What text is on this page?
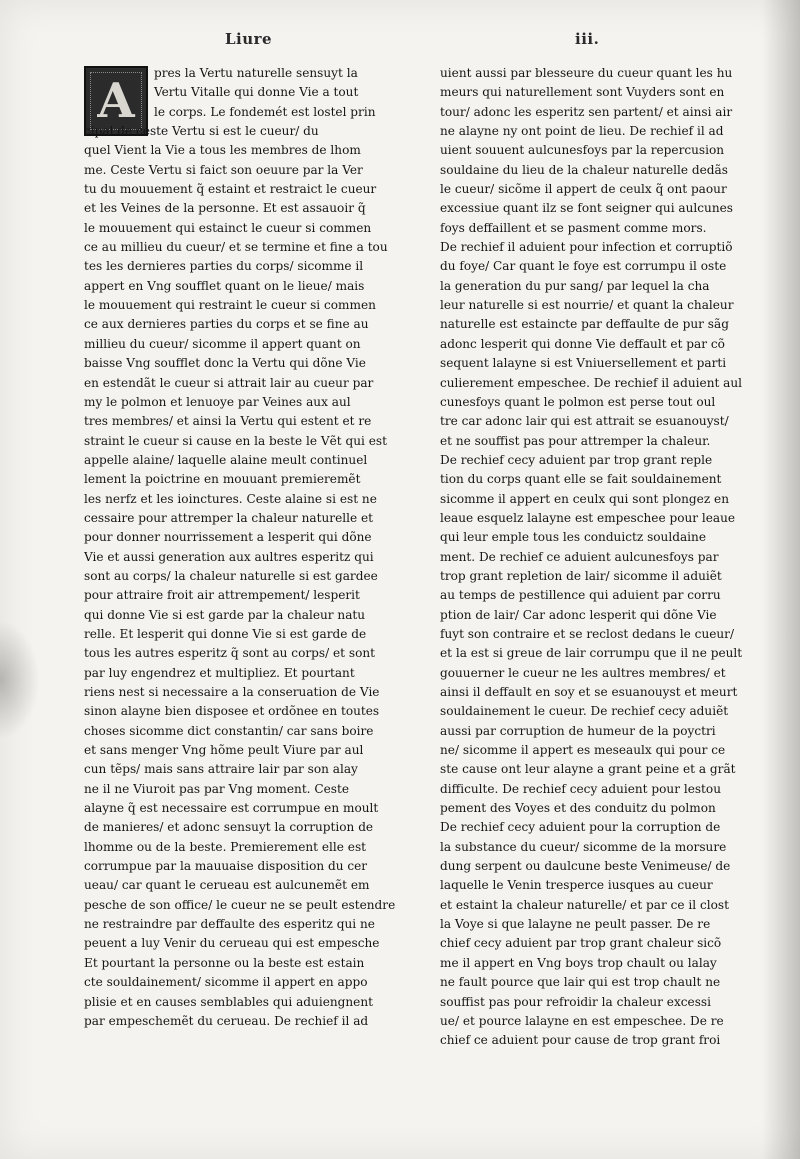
Liure	iii.
A	pres la Vertu naturelle sensuyt la
Vertu Vitalle qui donne Vie a tout
le corps. Le fondemét est lostel prin
cipal de ceste Vertu si est le cueur/ du
quel Vient la Vie a tous les membres de lhom
me. Ceste Vertu si faict son oeuure par la Ver
tu du mouuement q̃ estaint et restraict le cueur
et les Veines de la personne. Et est assauoir q̃
le mouuement qui estainct le cueur si commen
ce au millieu du cueur/ et se termine et fine a tou
tes les dernieres parties du corps/ sicomme il
appert en Vng soufflet quant on le lieue/ mais
le mouuement qui restraint le cueur si commen
ce aux dernieres parties du corps et se fine au
millieu du cueur/ sicomme il appert quant on
baisse Vng soufflet donc la Vertu qui dõne Vie
en estendãt le cueur si attrait lair au cueur par
my le polmon et lenuoye par Veines aux aul
tres membres/ et ainsi la Vertu qui estent et re
straint le cueur si cause en la beste le Vẽt qui est
appelle alaine/ laquelle alaine meult continuel
lement la poictrine en mouuant premieremẽt
les nerfz et les ioinctures. Ceste alaine si est ne
cessaire pour attremper la chaleur naturelle et
pour donner nourrissement a lesperit qui dõne
Vie et aussi generation aux aultres esperitz qui
sont au corps/ la chaleur naturelle si est gardee
pour attraire froit air attrempement/ lesperit
qui donne Vie si est garde par la chaleur natu
relle. Et lesperit qui donne Vie si est garde de
tous les autres esperitz q̃ sont au corps/ et sont
par luy engendrez et multipliez. Et pourtant
riens nest si necessaire a la conseruation de Vie
sinon alayne bien disposee et ordõnee en toutes
choses sicomme dict constantin/ car sans boire
et sans menger Vng hõme peult Viure par aul
cun tẽps/ mais sans attraire lair par son alay
ne il ne Viuroit pas par Vng moment. Ceste
alayne q̃ est necessaire est corrumpue en moult
de manieres/ et adonc sensuyt la corruption de
lhomme ou de la beste. Premierement elle est
corrumpue par la mauuaise disposition du cer
ueau/ car quant le cerueau est aulcunemẽt em
pesche de son office/ le cueur ne se peult estendre
ne restraindre par deffaulte des esperitz qui ne
peuent a luy Venir du cerueau qui est empesche
Et pourtant la personne ou la beste est estain
cte souldainement/ sicomme il appert en appo
plisie et en causes semblables qui aduiengnent
par empeschemẽt du cerueau. De rechief il ad
uient aussi par blesseure du cueur quant les hu
meurs qui naturellement sont Vuyders sont en
tour/ adonc les esperitz sen partent/ et ainsi air
ne alayne ny ont point de lieu. De rechief il ad
uient souuent aulcunesfoys par la repercusion
souldaine du lieu de la chaleur naturelle dedãs
le cueur/ sicõme il appert de ceulx q̃ ont paour
excessiue quant ilz se font seigner qui aulcunes
foys deffaillent et se pasment comme mors.
De rechief il aduient pour infection et corruptiõ
du foye/ Car quant le foye est corrumpu il oste
la generation du pur sang/ par lequel la cha
leur naturelle si est nourrie/ et quant la chaleur
naturelle est estaincte par deffaulte de pur sãg
adonc lesperit qui donne Vie deffault et par cõ
sequent lalayne si est Vniuersellement et parti
culierement empeschee. De rechief il aduient aul
cunesfoys quant le polmon est perse tout oul
tre car adonc lair qui est attrait se esuanouyst/
et ne souffist pas pour attremper la chaleur.
De rechief cecy aduient par trop grant reple
tion du corps quant elle se fait souldainement
sicomme il appert en ceulx qui sont plongez en
leaue esquelz lalayne est empeschee pour leaue
qui leur emple tous les conduictz souldaine
ment. De rechief ce aduient aulcunesfoys par
trop grant repletion de lair/ sicomme il aduiẽt
au temps de pestillence qui aduient par corru
ption de lair/ Car adonc lesperit qui dõne Vie
fuyt son contraire et se reclost dedans le cueur/
et la est si greue de lair corrumpu que il ne peult
gouuerner le cueur ne les aultres membres/ et
ainsi il deffault en soy et se esuanouyst et meurt
souldainement le cueur. De rechief cecy aduiẽt
aussi par corruption de humeur de la poyctri
ne/ sicomme il appert es meseaulx qui pour ce
ste cause ont leur alayne a grant peine et a grãt
difficulte. De rechief cecy aduient pour lestou
pement des Voyes et des conduitz du polmon
De rechief cecy aduient pour la corruption de
la substance du cueur/ sicomme de la morsure
dung serpent ou daulcune beste Venimeuse/ de
laquelle le Venin tresperce iusques au cueur
et estaint la chaleur naturelle/ et par ce il clost
la Voye si que lalayne ne peult passer. De re
chief cecy aduient par trop grant chaleur sicõ
me il appert en Vng boys trop chault ou lalay
ne fault pource que lair qui est trop chault ne
souffist pas pour refroidir la chaleur excessi
ue/ et pource lalayne en est empeschee. De re
chief ce aduient pour cause de trop grant froi
